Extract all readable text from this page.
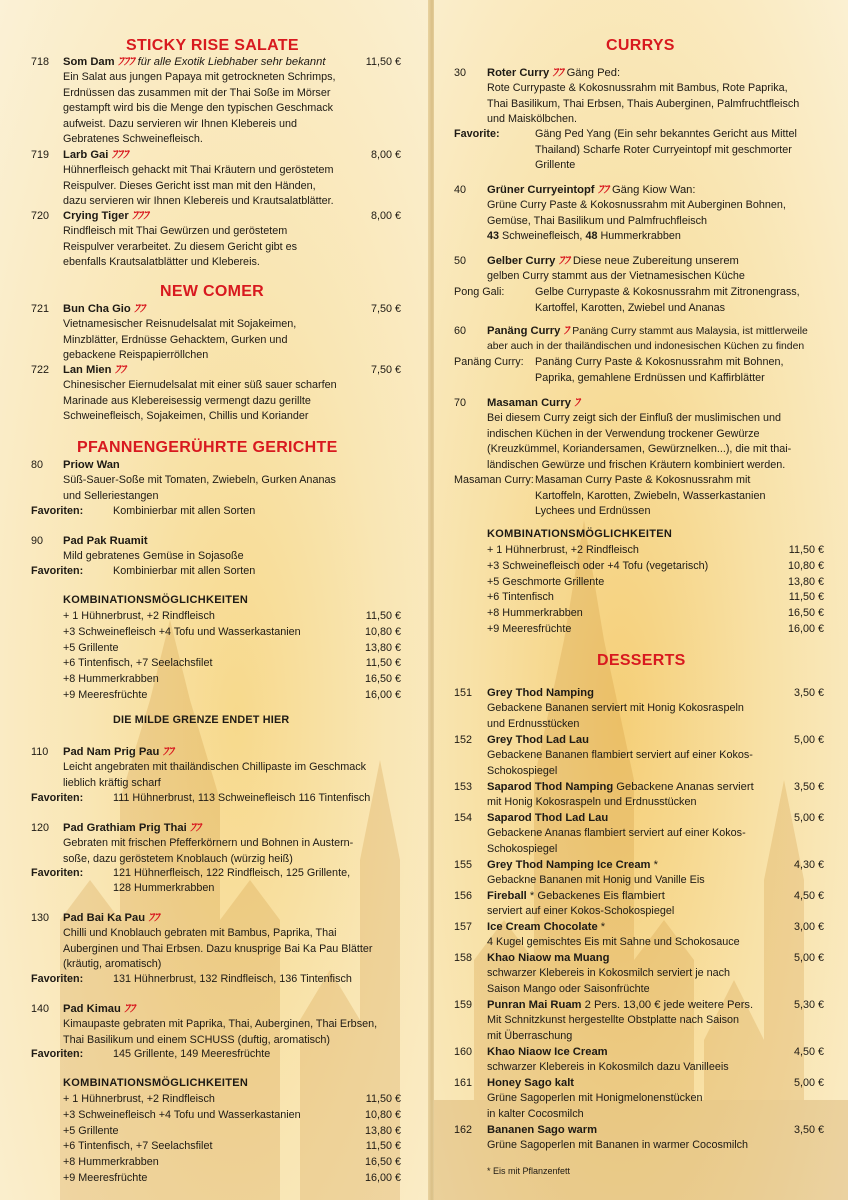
STICKY RISE SALATE
718 Som Dam ﾌﾌﾌ für alle Exotik Liebhaber sehr bekannt	11,50 €
Ein Salat aus jungen Papaya mit getrockneten Schrimps,
Erdnüssen das zusammen mit der Thai Soße im Mörser
gestampft wird bis die Menge den typischen Geschmack
aufweist. Dazu servieren wir Ihnen Klebereis und
Gebratenes Schweinefleisch.
719 Larb Gai ﾌﾌﾌ	8,00 €
Hühnerfleisch gehackt mit Thai Kräutern und geröstetem
Reispulver. Dieses Gericht isst man mit den Händen,
dazu servieren wir Ihnen Klebereis und Krautsalatblätter.
720 Crying Tiger ﾌﾌﾌ	8,00 €
Rindfleisch mit Thai Gewürzen und geröstetem
Reispulver verarbeitet. Zu diesem Gericht gibt es
ebenfalls Krautsalatblätter und Klebereis.
NEW COMER
721 Bun Cha Gio ﾌﾌ	7,50 €
Vietnamesischer Reisnudelsalat mit Sojakeimen,
Minzblätter, Erdnüsse Gehacktem, Gurken und
gebackene Reispapierröllchen
722 Lan Mien ﾌﾌ	7,50 €
Chinesischer Eiernudelsalat mit einer süß sauer scharfen
Marinade aus Klebereisessig vermengt dazu gerillte
Schweinefleisch, Sojakeimen, Chillis und Koriander
PFANNENGERÜHRTE GERICHTE
80 Priow Wan
Süß-Sauer-Soße mit Tomaten, Zwiebeln, Gurken Ananas
und Selleriestangen
Favoriten:	Kombinierbar mit allen Sorten
90 Pad Pak Ruamit
Mild gebratenes Gemüse in Sojasoße
Favoriten:	Kombinierbar mit allen Sorten
KOMBINATIONSMÖGLICHKEITEN
+ 1 Hühnerbrust, +2 Rindfleisch	11,50 €
+3 Schweinefleisch +4 Tofu und Wasserkastanien	10,80 €
+5 Grillente	13,80 €
+6 Tintenfisch, +7 Seelachsfilet	11,50 €
+8 Hummerkrabben	16,50 €
+9 Meeresfrüchte	16,00 €
DIE MILDE GRENZE ENDET HIER
110 Pad Nam Prig Pau ﾌﾌ
Leicht angebraten mit thailändischen Chillipaste im Geschmack
lieblich kräftig scharf
Favoriten:	111 Hühnerbrust, 113 Schweinefleisch 116 Tintenfisch
120 Pad Grathiam Prig Thai ﾌﾌ
Gebraten mit frischen Pfefferkörnern und Bohnen in Austern-
soße, dazu geröstetem Knoblauch (würzig heiß)
Favoriten:	121 Hühnerfleisch, 122 Rindfleisch, 125 Grillente,
128 Hummerkrabben
130 Pad Bai Ka Pau ﾌﾌ
Chilli und Knoblauch gebraten mit Bambus, Paprika, Thai
Auberginen und Thai Erbsen. Dazu knusprige Bai Ka Pau Blätter
(kräutig, aromatisch)
Favoriten:	131 Hühnerbrust, 132 Rindfleisch, 136 Tintenfisch
140 Pad Kimau ﾌﾌ
Kimaupaste gebraten mit Paprika, Thai, Auberginen, Thai Erbsen,
Thai Basilikum und einem SCHUSS (duftig, aromatisch)
Favoriten:	145 Grillente, 149 Meeresfrüchte
KOMBINATIONSMÖGLICHKEITEN
+ 1 Hühnerbrust, +2 Rindfleisch	11,50 €
+3 Schweinefleisch +4 Tofu und Wasserkastanien	10,80 €
+5 Grillente	13,80 €
+6 Tintenfisch, +7 Seelachsfilet	11,50 €
+8 Hummerkrabben	16,50 €
+9 Meeresfrüchte	16,00 €
CURRYS
30 Roter Curry ﾌﾌ Gäng Ped:
Rote Currypaste & Kokosnussrahm mit Bambus, Rote Paprika,
Thai Basilikum, Thai Erbsen, Thais Auberginen, Palmfruchtfleisch
und Maiskölbchen.
Favorite:	Gäng Ped Yang (Ein sehr bekanntes Gericht aus Mittel
Thailand) Scharfe Roter Curryeintopf mit geschmorter
Grillente
40 Grüner Curryeintopf ﾌﾌ Gäng Kiow Wan:
Grüne Curry Paste & Kokosnussrahm mit Auberginen Bohnen,
Gemüse, Thai Basilikum und Palmfruchfleisch
43 Schweinefleisch, 48 Hummerkrabben
50 Gelber Curry ﾌﾌ Diese neue Zubereitung unserem
gelben Curry stammt aus der Vietnamesischen Küche
Pong Gali:	Gelbe Currypaste & Kokosnussrahm mit Zitronengrass,
Kartoffel, Karotten, Zwiebel und Ananas
60 Panäng Curry ﾌ Panäng Curry stammt aus Malaysia, ist mittlerweile
aber auch in der thailändischen und indonesischen Küchen zu finden
Panäng Curry: Panäng Curry Paste & Kokosnussrahm mit Bohnen,
Paprika, gemahlene Erdnüssen und Kaffirblätter
70 Masaman Curry ﾌ
Bei diesem Curry zeigt sich der Einfluß der muslimischen und
indischen Küchen in der Verwendung trockener Gewürze
(Kreuzkümmel, Koriandersamen, Gewürznelken...), die mit thai-
ländischen Gewürze und frischen Kräutern kombiniert werden.
Masaman Curry: Masaman Curry Paste & Kokosnussrahm mit
Kartoffeln, Karotten, Zwiebeln, Wasserkastanien
Lychees und Erdnüssen
KOMBINATIONSMÖGLICHKEITEN
+ 1 Hühnerbrust, +2 Rindfleisch	11,50 €
+3 Schweinefleisch oder +4 Tofu (vegetarisch)	10,80 €
+5 Geschmorte Grillente	13,80 €
+6 Tintenfisch	11,50 €
+8 Hummerkrabben	16,50 €
+9 Meeresfrüchte	16,00 €
DESSERTS
151 Grey Thod Namping	3,50 €
Gebackene Bananen serviert mit Honig Kokosraspeln
und Erdnusstücken
152 Grey Thod Lad Lau	5,00 €
Gebackene Bananen flambiert serviert auf einer Kokos-
Schokospiegel
153 Saparod Thod Namping Gebackene Ananas serviert	3,50 €
mit Honig Kokosraspeln und Erdnusstücken
154 Saparod Thod Lad Lau	5,00 €
Gebackene Ananas flambiert serviert auf einer Kokos-
Schokospiegel
155 Grey Thod Namping Ice Cream *	4,30 €
Gebackne Bananen mit Honig und Vanille Eis
156 Fireball * Gebackenes Eis flambiert	4,50 €
serviert auf einer Kokos-Schokospiegel
157 Ice Cream Chocolate *	3,00 €
4 Kugel gemischtes Eis mit Sahne und Schokosauce
158 Khao Niaow ma Muang	5,00 €
schwarzer Klebereis in Kokosmilch serviert je nach
Saison Mango oder Saisonfrüchte
159 Punran Mai Ruam 2 Pers. 13,00 € jede weitere Pers.	5,30 €
Mit Schnitzkunst hergestellte Obstplatte nach Saison
mit Überraschung
160 Khao Niaow Ice Cream	4,50 €
schwarzer Klebereis in Kokosmilch dazu Vanilleeis
161 Honey Sago kalt	5,00 €
Grüne Sagoperlen mit Honigmelonenstücken
in kalter Cocosmilch
162 Bananen Sago warm	3,50 €
Grüne Sagoperlen mit Bananen in warmer Cocosmilch
* Eis mit Pflanzenfett
